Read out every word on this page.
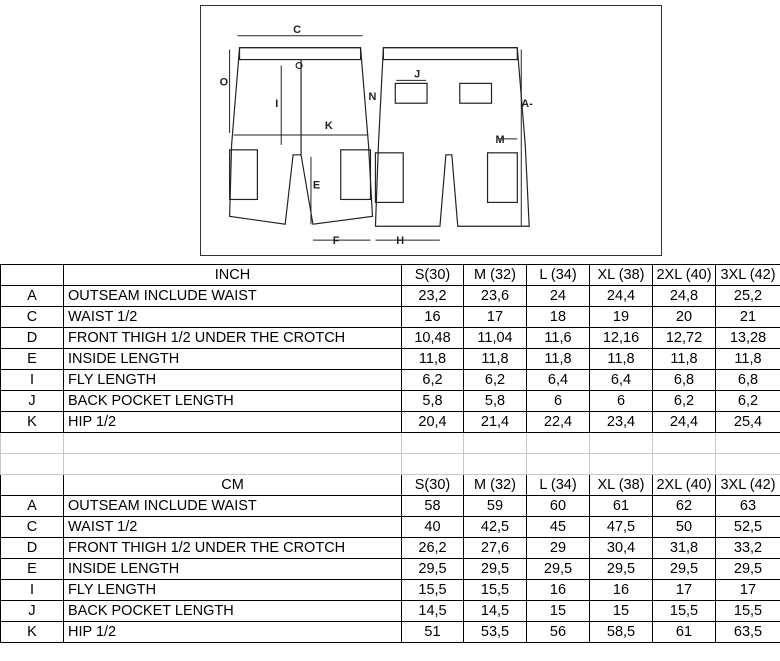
C
O
I
K
N
J
A-
M
E
F	H
	INCH	S(30)	M (32)	L (34)	XL (38)	2XL (40)	3XL (42)
A	OUTSEAM INCLUDE WAIST	23,2	23,6	24	24,4	24,8	25,2
C	WAIST 1/2	16	17	18	19	20	21
D	FRONT THIGH 1/2 UNDER THE CROTCH	10,48	11,04	11,6	12,16	12,72	13,28
E	INSIDE LENGTH	11,8	11,8	11,8	11,8	11,8	11,8
I	FLY LENGTH	6,2	6,2	6,4	6,4	6,8	6,8
J	BACK POCKET LENGTH	5,8	5,8	6	6	6,2	6,2
K	HIP 1/2	20,4	21,4	22,4	23,4	24,4	25,4

	CM	S(30)	M (32)	L (34)	XL (38)	2XL (40)	3XL (42)
A	OUTSEAM INCLUDE WAIST	58	59	60	61	62	63
C	WAIST 1/2	40	42,5	45	47,5	50	52,5
D	FRONT THIGH 1/2 UNDER THE CROTCH	26,2	27,6	29	30,4	31,8	33,2
E	INSIDE LENGTH	29,5	29,5	29,5	29,5	29,5	29,5
I	FLY LENGTH	15,5	15,5	16	16	17	17
J	BACK POCKET LENGTH	14,5	14,5	15	15	15,5	15,5
K	HIP 1/2	51	53,5	56	58,5	61	63,5
